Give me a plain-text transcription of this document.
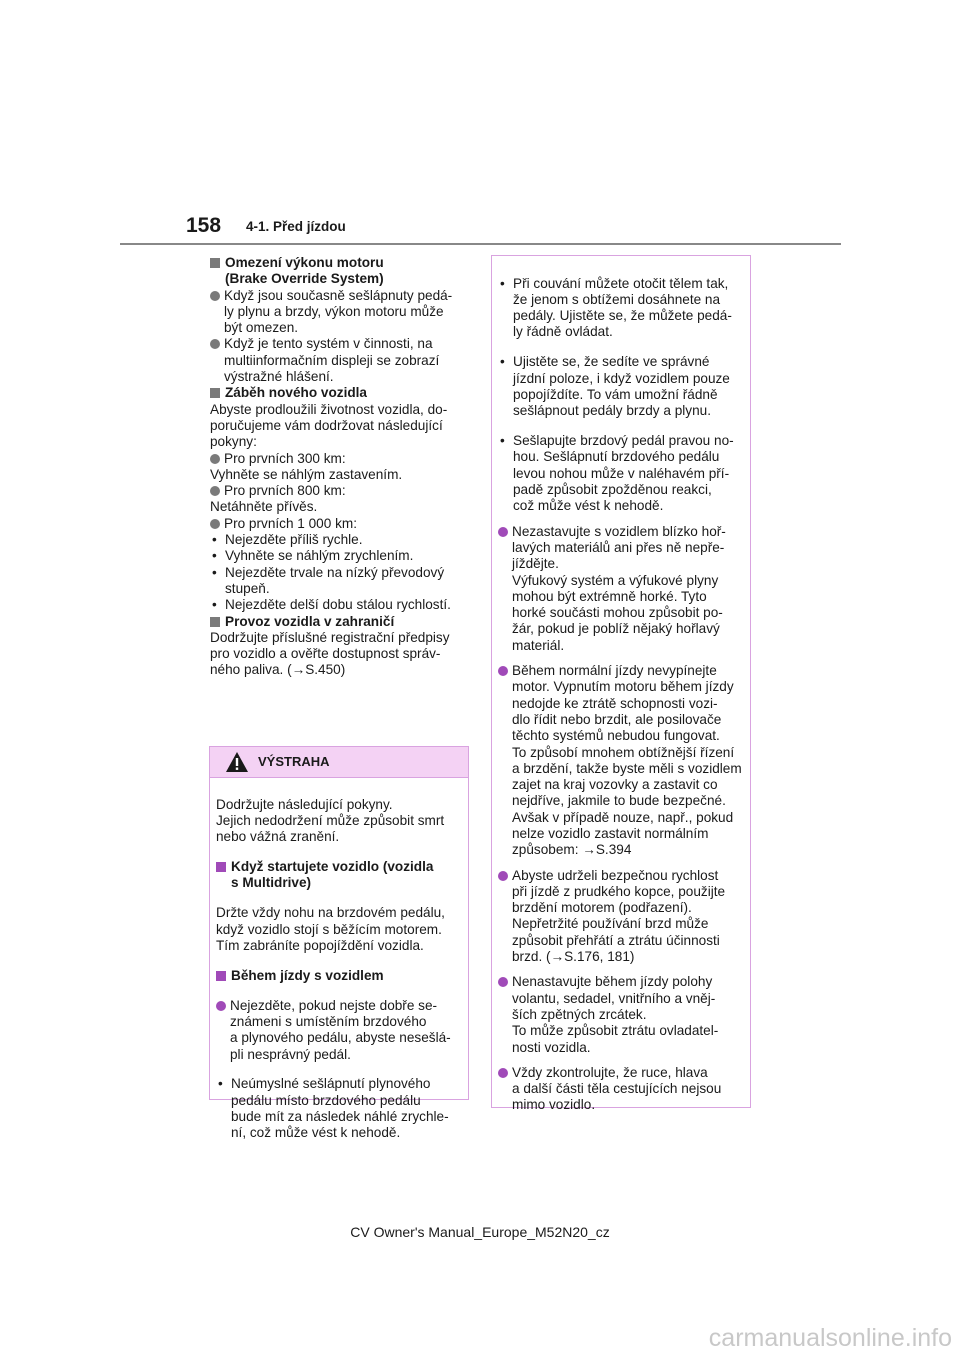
158 4-1. Před jízdou

Omezení výkonu motoru
(Brake Override System)

Když jsou současně sešlápnuty pedá-
ly plynu a brzdy, výkon motoru může
být omezen.

Když je tento systém v činnosti, na
multiinformačním displeji se zobrazí
výstražné hlášení.

Záběh nového vozidla

Abyste prodloužili životnost vozidla, do-
poručujeme vám dodržovat následující
pokyny:

Pro prvních 300 km:

Vyhněte se náhlým zastavením.

Pro prvních 800 km:

Netáhněte přívěs.

Pro prvních 1 000 km:

• Nejezděte příliš rychle.

• Vyhněte se náhlým zrychlením.

• Nejezděte trvale na nízký převodový
stupeň.

• Nejezděte delší dobu stálou rychlostí.

Provoz vozidla v zahraničí

Dodržujte příslušné registrační předpisy
pro vozidlo a ověřte dostupnost správ-
ného paliva. (→S.450)

VÝSTRAHA

Dodržujte následující pokyny.
Jejich nedodržení může způsobit smrt
nebo vážná zranění.

Když startujete vozidlo (vozidla
s Multidrive)

Držte vždy nohu na brzdovém pedálu,
když vozidlo stojí s běžícím motorem.
Tím zabráníte popojíždění vozidla.

Během jízdy s vozidlem

Nejezděte, pokud nejste dobře se-
známeni s umístěním brzdového
a plynového pedálu, abyste nesešlá-
pli nesprávný pedál.

• Neúmyslné sešlápnutí plynového
pedálu místo brzdového pedálu
bude mít za následek náhlé zrychle-
ní, což může vést k nehodě.

• Při couvání můžete otočit tělem tak,
že jenom s obtížemi dosáhnete na
pedály. Ujistěte se, že můžete pedá-
ly řádně ovládat.

• Ujistěte se, že sedíte ve správné
jízdní poloze, i když vozidlem pouze
popojíždíte. To vám umožní řádně
sešlápnout pedály brzdy a plynu.

• Sešlapujte brzdový pedál pravou no-
hou. Sešlápnutí brzdového pedálu
levou nohou může v naléhavém pří-
padě způsobit zpožděnou reakci,
což může vést k nehodě.

Nezastavujte s vozidlem blízko hoř-
lavých materiálů ani přes ně nepře-
jíždějte.
Výfukový systém a výfukové plyny
mohou být extrémně horké. Tyto
horké součásti mohou způsobit po-
žár, pokud je poblíž nějaký hořlavý
materiál.

Během normální jízdy nevypínejte
motor. Vypnutím motoru během jízdy
nedojde ke ztrátě schopnosti vozi-
dlo řídit nebo brzdit, ale posilovače
těchto systémů nebudou fungovat.
To způsobí mnohem obtížnější řízení
a brzdění, takže byste měli s vozidlem
zajet na kraj vozovky a zastavit co
nejdříve, jakmile to bude bezpečné.
Avšak v případě nouze, např., pokud
nelze vozidlo zastavit normálním
způsobem: →S.394

Abyste udrželi bezpečnou rychlost
při jízdě z prudkého kopce, použijte
brzdění motorem (podřazení).
Nepřetržité používání brzd může
způsobit přehřátí a ztrátu účinnosti
brzd. (→S.176, 181)

Nenastavujte během jízdy polohy
volantu, sedadel, vnitřního a vněj-
ších zpětných zrcátek.
To může způsobit ztrátu ovladatel-
nosti vozidla.

Vždy zkontrolujte, že ruce, hlava
a další části těla cestujících nejsou
mimo vozidlo.

CV Owner's Manual_Europe_M52N20_cz
carmanualsonline.info
